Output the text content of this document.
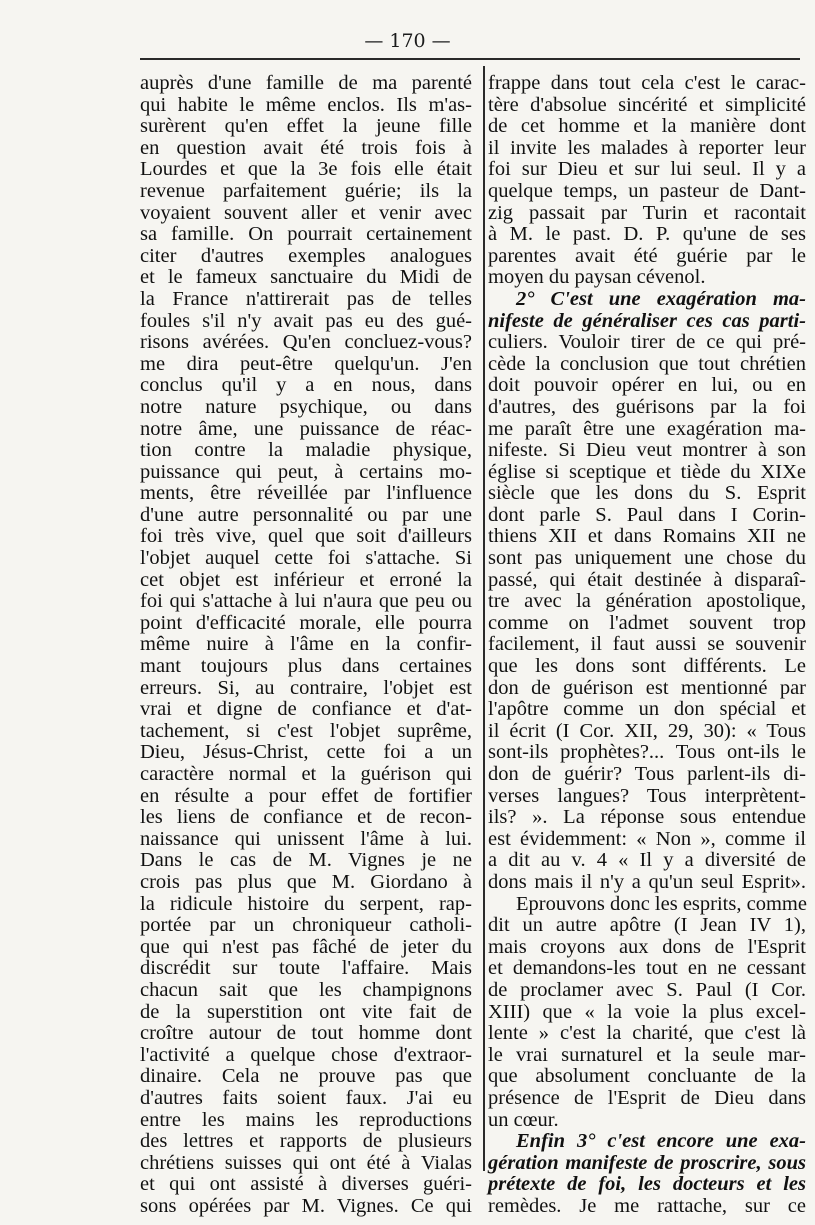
— 170 —
auprès d'une famille de ma parenté
qui habite le même enclos. Ils m'as-
surèrent qu'en effet la jeune fille
en question avait été trois fois à
Lourdes et que la 3e fois elle était
revenue parfaitement guérie; ils la
voyaient souvent aller et venir avec
sa famille. On pourrait certainement
citer d'autres exemples analogues
et le fameux sanctuaire du Midi de
la France n'attirerait pas de telles
foules s'il n'y avait pas eu des gué-
risons avérées. Qu'en concluez-vous?
me dira peut-être quelqu'un. J'en
conclus qu'il y a en nous, dans
notre nature psychique, ou dans
notre âme, une puissance de réac-
tion contre la maladie physique,
puissance qui peut, à certains mo-
ments, être réveillée par l'influence
d'une autre personnalité ou par une
foi très vive, quel que soit d'ailleurs
l'objet auquel cette foi s'attache. Si
cet objet est inférieur et erroné la
foi qui s'attache à lui n'aura que peu ou
point d'efficacité morale, elle pourra
même nuire à l'âme en la confir-
mant toujours plus dans certaines
erreurs. Si, au contraire, l'objet est
vrai et digne de confiance et d'at-
tachement, si c'est l'objet suprême,
Dieu, Jésus-Christ, cette foi a un
caractère normal et la guérison qui
en résulte a pour effet de fortifier
les liens de confiance et de recon-
naissance qui unissent l'âme à lui.
Dans le cas de M. Vignes je ne
crois pas plus que M. Giordano à
la ridicule histoire du serpent, rap-
portée par un chroniqueur catholi-
que qui n'est pas fâché de jeter du
discrédit sur toute l'affaire. Mais
chacun sait que les champignons
de la superstition ont vite fait de
croître autour de tout homme dont
l'activité a quelque chose d'extraor-
dinaire. Cela ne prouve pas que
d'autres faits soient faux. J'ai eu
entre les mains les reproductions
des lettres et rapports de plusieurs
chrétiens suisses qui ont été à Vialas
et qui ont assisté à diverses guéri-
sons opérées par M. Vignes. Ce qui
frappe dans tout cela c'est le carac-
tère d'absolue sincérité et simplicité
de cet homme et la manière dont
il invite les malades à reporter leur
foi sur Dieu et sur lui seul. Il y a
quelque temps, un pasteur de Dant-
zig passait par Turin et racontait
à M. le past. D. P. qu'une de ses
parentes avait été guérie par le
moyen du paysan cévenol.
2° C'est une exagération ma-
nifeste de généraliser ces cas parti-
culiers. Vouloir tirer de ce qui pré-
cède la conclusion que tout chrétien
doit pouvoir opérer en lui, ou en
d'autres, des guérisons par la foi
me paraît être une exagération ma-
nifeste. Si Dieu veut montrer à son
église si sceptique et tiède du XIXe
siècle que les dons du S. Esprit
dont parle S. Paul dans I Corin-
thiens XII et dans Romains XII ne
sont pas uniquement une chose du
passé, qui était destinée à disparaî-
tre avec la génération apostolique,
comme on l'admet souvent trop
facilement, il faut aussi se souvenir
que les dons sont différents. Le
don de guérison est mentionné par
l'apôtre comme un don spécial et
il écrit (I Cor. XII, 29, 30): « Tous
sont-ils prophètes?... Tous ont-ils le
don de guérir? Tous parlent-ils di-
verses langues? Tous interprètent-
ils? ». La réponse sous entendue
est évidemment: « Non », comme il
a dit au v. 4 « Il y a diversité de
dons mais il n'y a qu'un seul Esprit».
Eprouvons donc les esprits, comme
dit un autre apôtre (I Jean IV 1),
mais croyons aux dons de l'Esprit
et demandons-les tout en ne cessant
de proclamer avec S. Paul (I Cor.
XIII) que « la voie la plus excel-
lente » c'est la charité, que c'est là
le vrai surnaturel et la seule mar-
que absolument concluante de la
présence de l'Esprit de Dieu dans
un cœur.
Enfin 3° c'est encore une exa-
gération manifeste de proscrire, sous
prétexte de foi, les docteurs et les
remèdes. Je me rattache, sur ce
